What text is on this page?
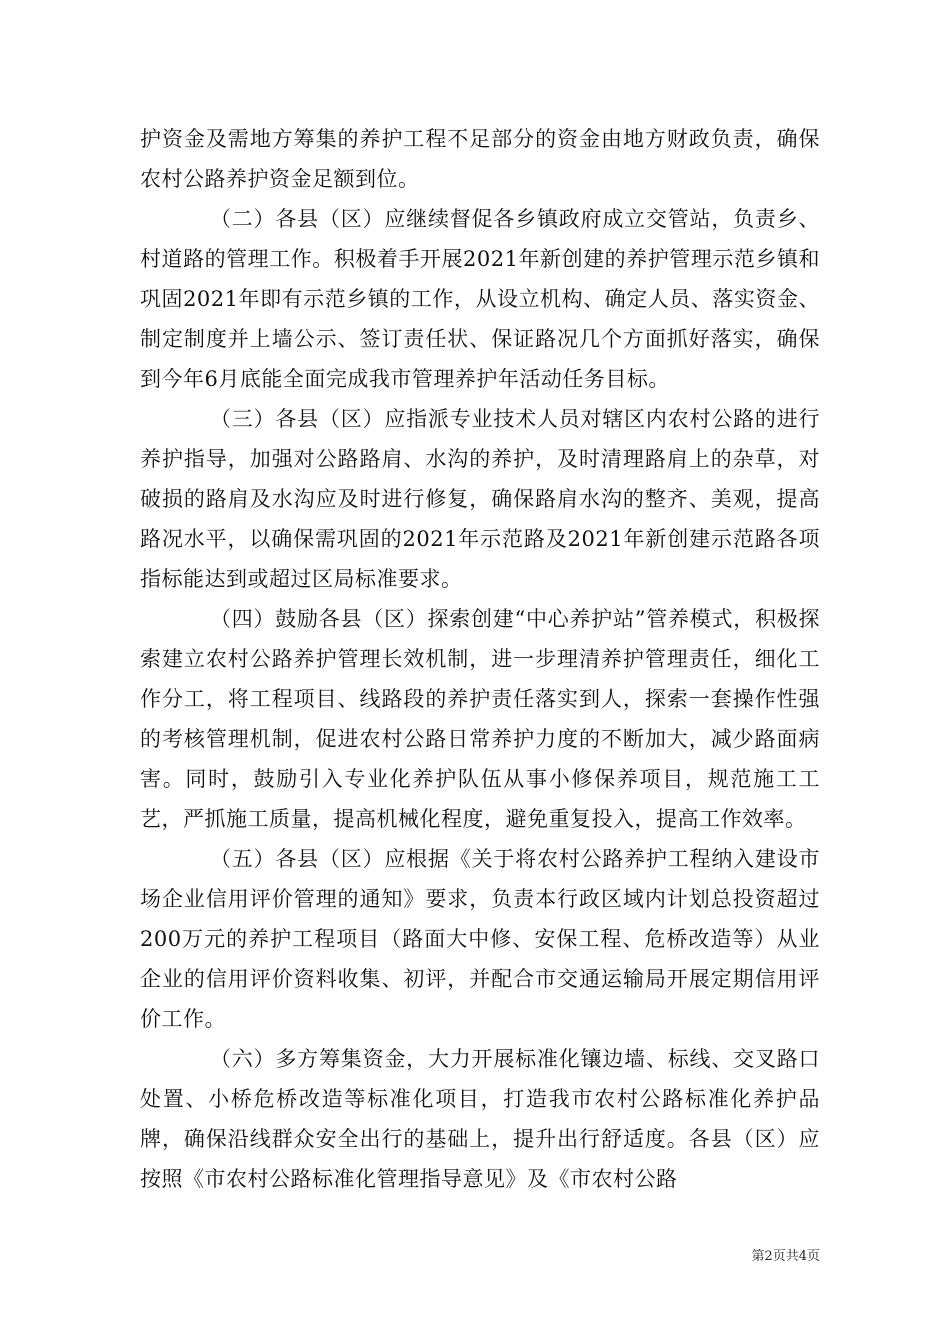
护资金及需地方筹集的养护工程不足部分的资金由地方财政负责，确保农村公路养护资金足额到位。

（二）各县（区）应继续督促各乡镇政府成立交管站，负责乡、村道路的管理工作。积极着手开展2021年新创建的养护管理示范乡镇和巩固2021年即有示范乡镇的工作，从设立机构、确定人员、落实资金、制定制度并上墙公示、签订责任状、保证路况几个方面抓好落实，确保到今年6月底能全面完成我市管理养护年活动任务目标。

（三）各县（区）应指派专业技术人员对辖区内农村公路的进行养护指导，加强对公路路肩、水沟的养护，及时清理路肩上的杂草，对破损的路肩及水沟应及时进行修复，确保路肩水沟的整齐、美观，提高路况水平，以确保需巩固的2021年示范路及2021年新创建示范路各项指标能达到或超过区局标准要求。

（四）鼓励各县（区）探索创建“中心养护站”管养模式，积极探索建立农村公路养护管理长效机制，进一步理清养护管理责任，细化工作分工，将工程项目、线路段的养护责任落实到人，探索一套操作性强的考核管理机制，促进农村公路日常养护力度的不断加大，减少路面病害。同时，鼓励引入专业化养护队伍从事小修保养项目，规范施工工艺，严抓施工质量，提高机械化程度，避免重复投入，提高工作效率。

（五）各县（区）应根据《关于将农村公路养护工程纳入建设市场企业信用评价管理的通知》要求，负责本行政区域内计划总投资超过200万元的养护工程项目（路面大中修、安保工程、危桥改造等）从业企业的信用评价资料收集、初评，并配合市交通运输局开展定期信用评价工作。

（六）多方筹集资金，大力开展标准化镶边墙、标线、交叉路口处置、小桥危桥改造等标准化项目，打造我市农村公路标准化养护品牌，确保沿线群众安全出行的基础上，提升出行舒适度。各县（区）应按照《市农村公路标准化管理指导意见》及《市农村公路

第2页共4页
